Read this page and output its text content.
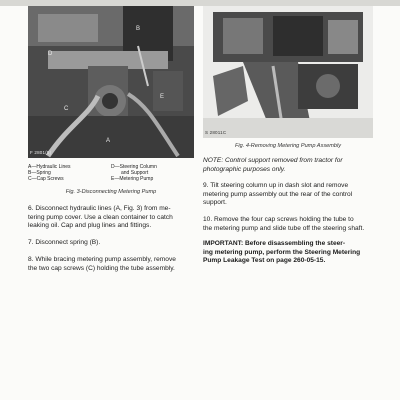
A
B
C
D
E
F 2801(5)
A—Hydraulic Lines
B—Spring
C—Cap Screws
D—Steering Column
and Support
E—Metering Pump
Fig. 3-Disconnecting Metering Pump
6. Disconnect hydraulic lines (A, Fig. 3) from me-
tering pump cover. Use a clean container to catch
leaking oil. Cap and plug lines and fittings.
7. Disconnect spring (B).
8. While bracing metering pump assembly, remove
the two cap screws (C) holding the tube assembly.
S 28011C
Fig. 4-Removing Metering Pump Assembly
NOTE: Control support removed from tractor for
photographic purposes only.
9. Tilt steering column up in dash slot and remove
metering pump assembly out the rear of the control
support.
10. Remove the four cap screws holding the tube to
the metering pump and slide tube off the steering shaft.
IMPORTANT: Before disassembling the steer-
ing metering pump, perform the Steering Metering
Pump Leakage Test on page 260-05-15.
